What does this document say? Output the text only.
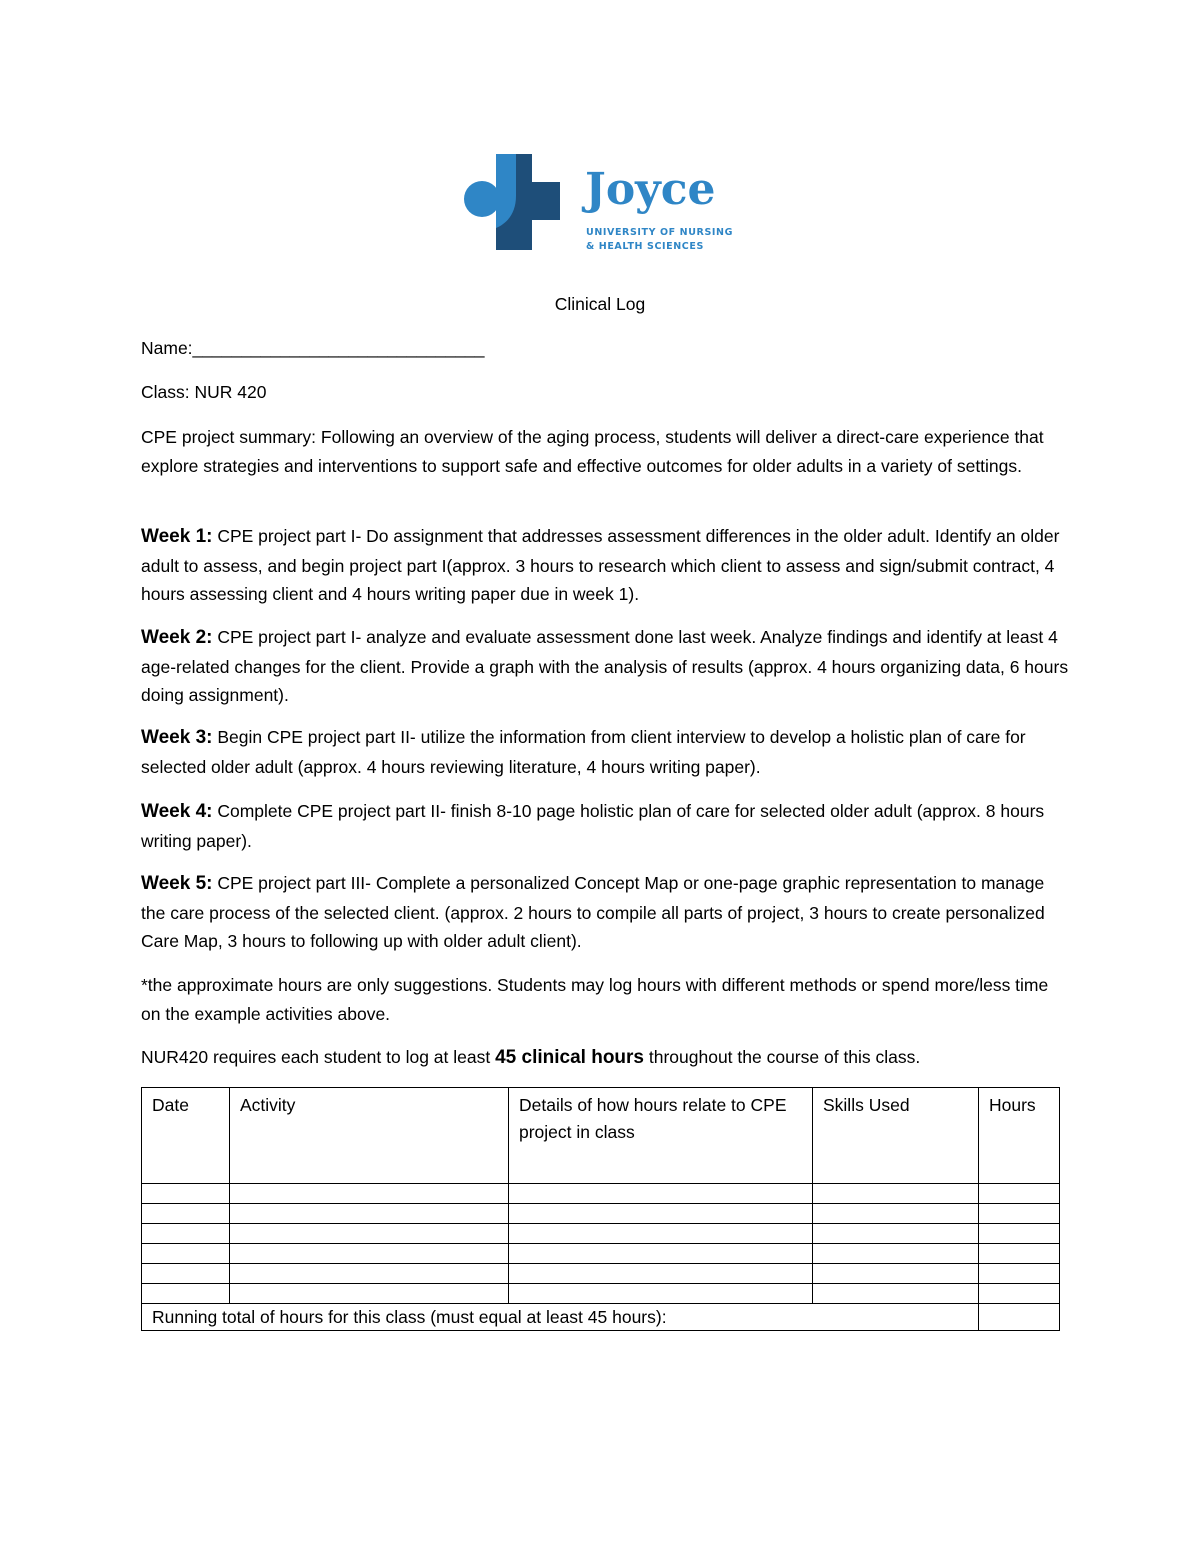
Joyce
UNIVERSITY OF NURSING
& HEALTH SCIENCES
Clinical Log
Name:______________________________
Class: NUR 420
CPE project summary: Following an overview of the aging process, students will deliver a direct-care experience that explore strategies and interventions to support safe and effective outcomes for older adults in a variety of settings.
Week 1: CPE project part I- Do assignment that addresses assessment differences in the older adult. Identify an older adult to assess, and begin project part I(approx. 3 hours to research which client to assess and sign/submit contract, 4 hours assessing client and 4 hours writing paper due in week 1).
Week 2: CPE project part I- analyze and evaluate assessment done last week. Analyze findings and identify at least 4 age-related changes for the client. Provide a graph with the analysis of results (approx. 4 hours organizing data, 6 hours doing assignment).
Week 3: Begin CPE project part II- utilize the information from client interview to develop a holistic plan of care for selected older adult (approx. 4 hours reviewing literature, 4 hours writing paper).
Week 4: Complete CPE project part II- finish 8-10 page holistic plan of care for selected older adult (approx. 8 hours writing paper).
Week 5: CPE project part III- Complete a personalized Concept Map or one-page graphic representation to manage the care process of the selected client. (approx. 2 hours to compile all parts of project, 3 hours to create personalized Care Map, 3 hours to following up with older adult client).
*the approximate hours are only suggestions. Students may log hours with different methods or spend more/less time on the example activities above.
NUR420 requires each student to log at least 45 clinical hours throughout the course of this class.
Date	Activity	Details of how hours relate to CPE project in class	Skills Used	Hours

Running total of hours for this class (must equal at least 45 hours):				
